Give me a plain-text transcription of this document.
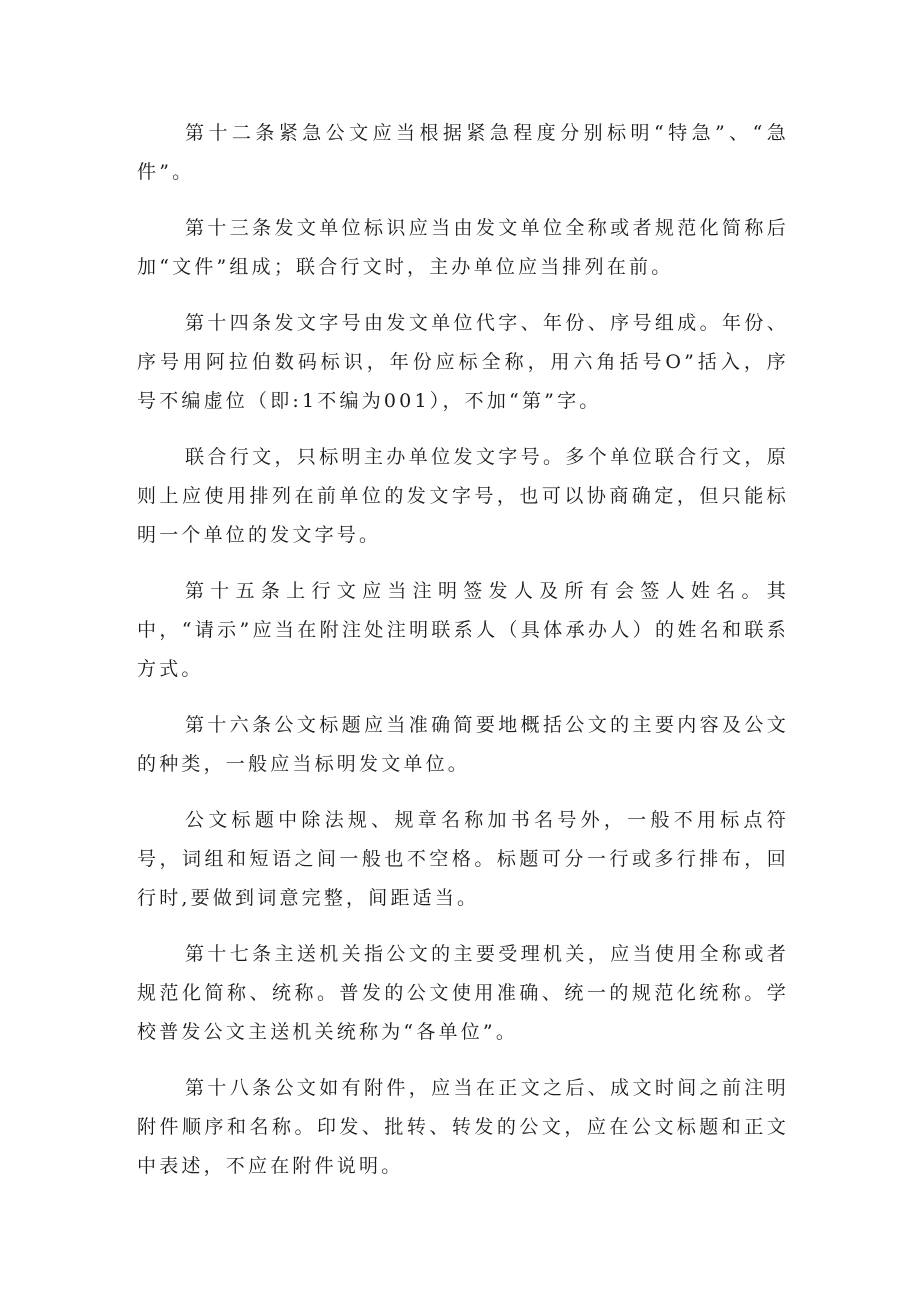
第十二条紧急公文应当根据紧急程度分别标明“特急”、“急件”。

第十三条发文单位标识应当由发文单位全称或者规范化简称后加“文件”组成；联合行文时，主办单位应当排列在前。

第十四条发文字号由发文单位代字、年份、序号组成。年份、序号用阿拉伯数码标识，年份应标全称，用六角括号O”括入，序号不编虚位（即:1不编为001），不加“第”字。

联合行文，只标明主办单位发文字号。多个单位联合行文，原则上应使用排列在前单位的发文字号，也可以协商确定，但只能标明一个单位的发文字号。

第十五条上行文应当注明签发人及所有会签人姓名。其中，“请示”应当在附注处注明联系人（具体承办人）的姓名和联系方式。

第十六条公文标题应当准确简要地概括公文的主要内容及公文的种类，一般应当标明发文单位。

公文标题中除法规、规章名称加书名号外，一般不用标点符号，词组和短语之间一般也不空格。标题可分一行或多行排布，回行时,要做到词意完整，间距适当。

第十七条主送机关指公文的主要受理机关，应当使用全称或者规范化简称、统称。普发的公文使用准确、统一的规范化统称。学校普发公文主送机关统称为“各单位”。

第十八条公文如有附件，应当在正文之后、成文时间之前注明附件顺序和名称。印发、批转、转发的公文，应在公文标题和正文中表述，不应在附件说明。
